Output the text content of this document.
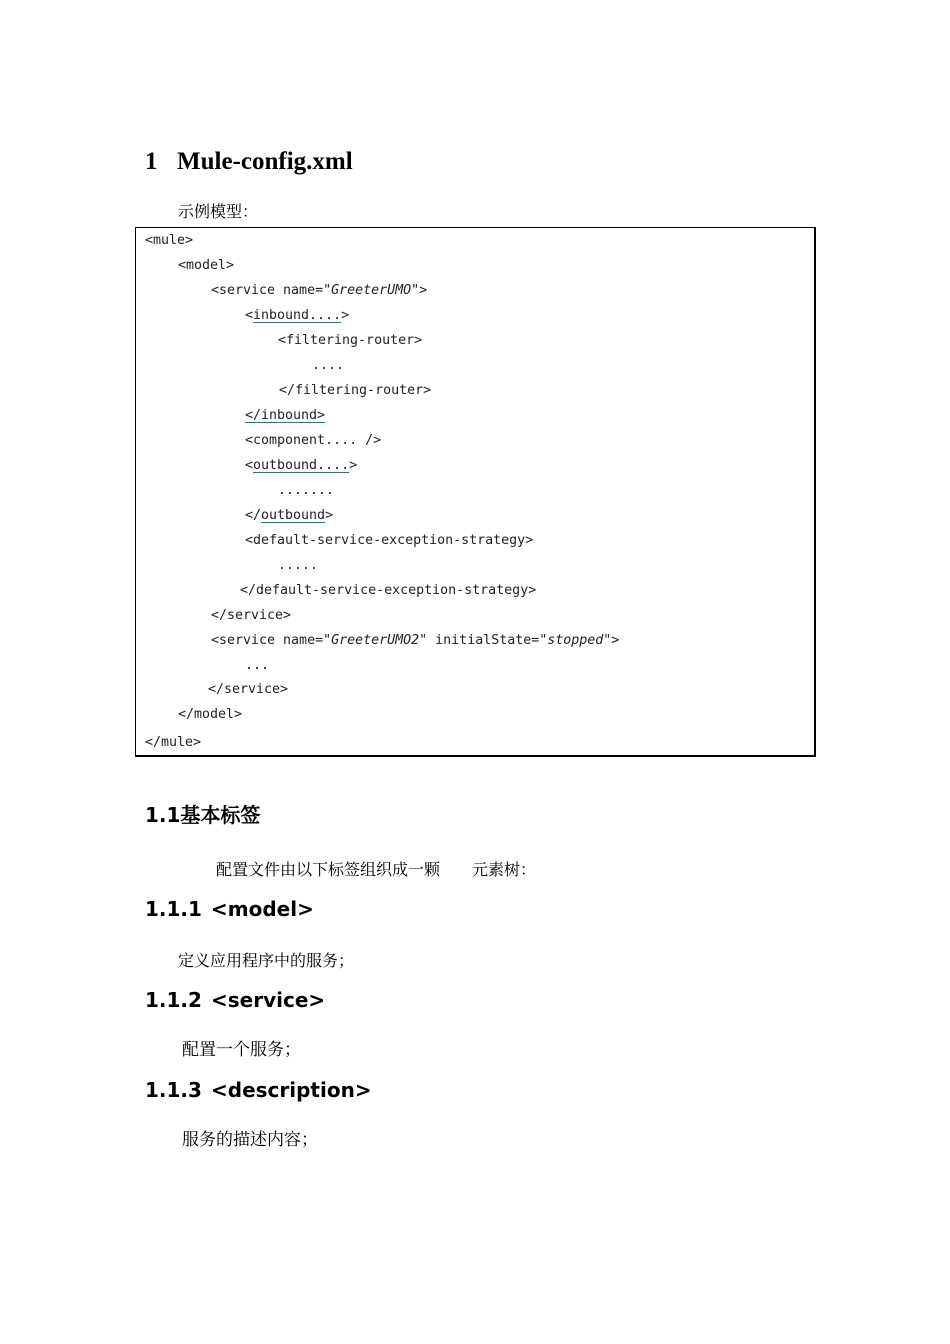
1 Mule-config.xml
示例模型：
<mule>
<model>
<service name="GreeterUMO">
<inbound....>
<filtering-router>
....
</filtering-router>
</inbound>
<component.... />
<outbound....>
.......
</outbound>
<default-service-exception-strategy>
.....
</default-service-exception-strategy>
</service>
<service name="GreeterUMO2" initialState="stopped">
...
</service>
</model>
</mule>
1.1基本标签
配置文件由以下标签组织成一颗　　元素树：
1.1.1 <model>
定义应用程序中的服务；
1.1.2 <service>
配置一个服务；
1.1.3 <description>
服务的描述内容；
